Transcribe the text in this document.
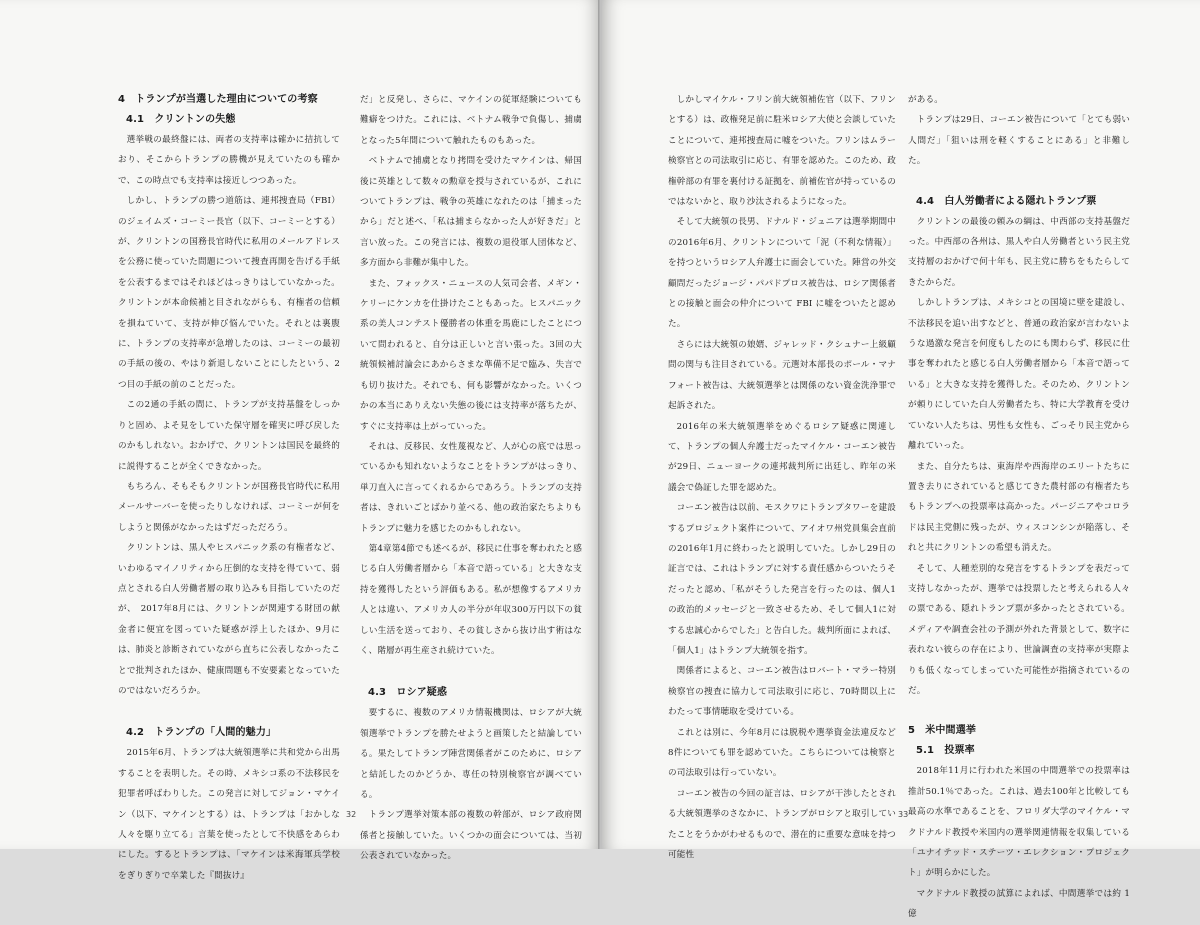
4　トランプが当選した理由についての考察
4.1　クリントンの失態

選挙戦の最終盤には、両者の支持率は確かに拮抗しており、そこからトランプの勝機が見えていたのも確かで、この時点でも支持率は接近しつつあった。

しかし、トランプの勝つ道筋は、連邦捜査局（FBI）のジェイムズ・コーミー長官（以下、コーミーとする）が、クリントンの国務長官時代に私用のメールアドレスを公務に使っていた問題について捜査再開を告げる手紙を公表するまではそれほどはっきりはしていなかった。クリントンが本命候補と目されながらも、有権者の信頼を損ねていて、支持が伸び悩んでいた。それとは裏腹に、トランプの支持率が急増したのは、コーミーの最初の手紙の後の、やはり新退しないことにしたという、2つ目の手紙の前のことだった。

この2通の手紙の間に、トランプが支持基盤をしっかりと固め、よそ見をしていた保守層を確実に呼び戻したのかもしれない。おかげで、クリントンは国民を最終的に説得することが全くできなかった。

もちろん、そもそもクリントンが国務長官時代に私用メールサーバーを使ったりしなければ、コーミーが何をしようと関係がなかったはずだっただろう。

クリントンは、黒人やヒスパニック系の有権者など、いわゆるマイノリティから圧倒的な支持を得ていて、弱点とされる白人労働者層の取り込みも目指していたのだが、　2017年8月には、クリントンが関連する財団の献金者に便宜を図っていた疑惑が浮上したほか、9月には、肺炎と診断されていながら直ちに公表しなかったことで批判されたほか、健康問題も不安要素となっていたのではないだろうか。

4.2　トランプの「人間的魅力」

2015年6月、トランプは大統領選挙に共和党から出馬することを表明した。その時、メキシコ系の不法移民を犯罪者呼ばわりした。この発言に対してジョン・マケイン（以下、マケインとする）は、トランプは「おかしな人々を駆り立てる」言葉を使ったとして不快感をあらわにした。するとトランプは、「マケインは米海軍兵学校をぎりぎりで卒業した『間抜け』

だ」と反発し、さらに、マケインの従軍経験についても難癖をつけた。これには、ベトナム戦争で負傷し、捕虜となった5年間について触れたものもあった。

ベトナムで捕虜となり拷問を受けたマケインは、帰国後に英雄として数々の勲章を授与されているが、これについてトランプは、戦争の英雄になれたのは「捕まったから」だと述べ、「私は捕まらなかった人が好きだ」と言い放った。この発言には、複数の退役軍人団体など、多方面から非難が集中した。

また、フォックス・ニュースの人気司会者、メギン・ケリーにケンカを仕掛けたこともあった。ヒスパニック系の美人コンテスト優勝者の体重を馬鹿にしたことについて問われると、自分は正しいと言い張った。3回の大統領候補討論会にあからさまな準備不足で臨み、失言でも切り抜けた。それでも、何も影響がなかった。いくつかの本当にありえない失態の後には支持率が落ちたが、すぐに支持率は上がっていった。

それは、反移民、女性蔑視など、人が心の底では思っているかも知れないようなことをトランプがはっきり、単刀直入に言ってくれるからであろう。トランプの支持者は、きれいごとばかり並べる、他の政治家たちよりもトランプに魅力を感じたのかもしれない。

第4章第4節でも述べるが、移民に仕事を奪われたと感じる白人労働者層から「本音で語っている」と大きな支持を獲得したという評価もある。私が想像するアメリカ人とは違い、アメリカ人の半分が年収300万円以下の貧しい生活を送っており、その貧しさから抜け出す術はなく、階層が再生産され続けていた。

4.3　ロシア疑惑

要するに、複数のアメリカ情報機関は、ロシアが大統領選挙でトランプを勝たせようと画策したと結論している。果たしてトランプ陣営関係者がこのために、ロシアと結託したのかどうか、専任の特別検察官が調べている。

トランプ選挙対策本部の複数の幹部が、ロシア政府関係者と接触していた。いくつかの面会については、当初公表されていなかった。

32

しかしマイケル・フリン前大統領補佐官（以下、フリンとする）は、政権発足前に駐米ロシア大使と会談していたことについて、連邦捜査局に嘘をついた。フリンはムラー検察官との司法取引に応じ、有罪を認めた。このため、政権幹部の有罪を裏付ける証拠を、前補佐官が持っているのではないかと、取り沙汰されるようになった。

そして大統領の長男、ドナルド・ジュニアは選挙期間中の2016年6月、クリントンについて「泥（不利な情報）」を持つというロシア人弁護士に面会していた。陣営の外交顧問だったジョージ・パパドプロス被告は、ロシア関係者との接触と面会の仲介について FBI に嘘をついたと認めた。

さらには大統領の娘婿、ジャレッド・クシュナー上級顧問の関与も注目されている。元選対本部長のポール・マナフォート被告は、大統領選挙とは関係のない資金洗浄罪で起訴された。

2016年の米大統領選挙をめぐるロシア疑惑に関連して、トランプの個人弁護士だったマイケル・コーエン被告が29日、ニューヨークの連邦裁判所に出廷し、昨年の米議会で偽証した罪を認めた。

コーエン被告は以前、モスクワにトランプタワーを建設するプロジェクト案件について、アイオワ州党員集会直前の2016年1月に終わったと説明していた。しかし29日の証言では、これはトランプに対する責任感からついたうそだったと認め、「私がそうした発言を行ったのは、個人1の政治的メッセージと一致させるため、そして個人1に対する忠誠心からでした」と告白した。裁判所面によれば、「個人1」はトランプ大統領を指す。

関係者によると、コーエン被告はロバート・マラー特別検察官の捜査に協力して司法取引に応じ、70時間以上にわたって事情聴取を受けている。

これとは別に、今年8月には脱税や選挙資金法違反など8件についても罪を認めていた。こちらについては検察との司法取引は行っていない。

コーエン被告の今回の証言は、ロシアが干渉したとされる大統領選挙のさなかに、トランプがロシアと取引していたことをうかがわせるもので、潜在的に重要な意味を持つ可能性

がある。

トランプは29日、コーエン被告について「とても弱い人間だ」「狙いは刑を軽くすることにある」と非難した。

4.4　白人労働者による隠れトランプ票

クリントンの最後の頼みの綱は、中西部の支持基盤だった。中西部の各州は、黒人や白人労働者という民主党支持層のおかげで何十年も、民主党に勝ちをもたらしてきたからだ。

しかしトランプは、メキシコとの国境に壁を建設し、不法移民を追い出すなどと、普通の政治家が言わないような過激な発言を何度もしたのにも関わらず、移民に仕事を奪われたと感じる白人労働者層から「本音で語っている」と大きな支持を獲得した。そのため、クリントンが頼りにしていた白人労働者たち、特に大学教育を受けていない人たちは、男性も女性も、ごっそり民主党から離れていった。

また、自分たちは、東海岸や西海岸のエリートたちに置き去りにされていると感じてきた農村部の有権者たちもトランプへの投票率は高かった。パージニアやコロラドは民主党側に残ったが、ウィスコンシンが陥落し、それと共にクリントンの希望も消えた。

そして、人種差別的な発言をするトランプを表だって支持しなかったが、選挙では投票したと考えられる人々の票である、隠れトランプ票が多かったとされている。メディアや調査会社の予測が外れた背景として、数字に表れない彼らの存在により、世論調査の支持率が実際よりも低くなってしまっていた可能性が指摘されているのだ。

5　米中間選挙
5.1　投票率

2018年11月に行われた米国の中間選挙での投票率は推計50.1％であった。これは、過去100年と比較しても最高の水準であることを、フロリダ大学のマイケル・マクドナルド教授や米国内の選挙関連情報を収集している「ユナイテッド・ステーツ・エレクション・プロジェクト」が明らかにした。

マクドナルド教授の試算によれば、中間選挙では約 1 億

33
